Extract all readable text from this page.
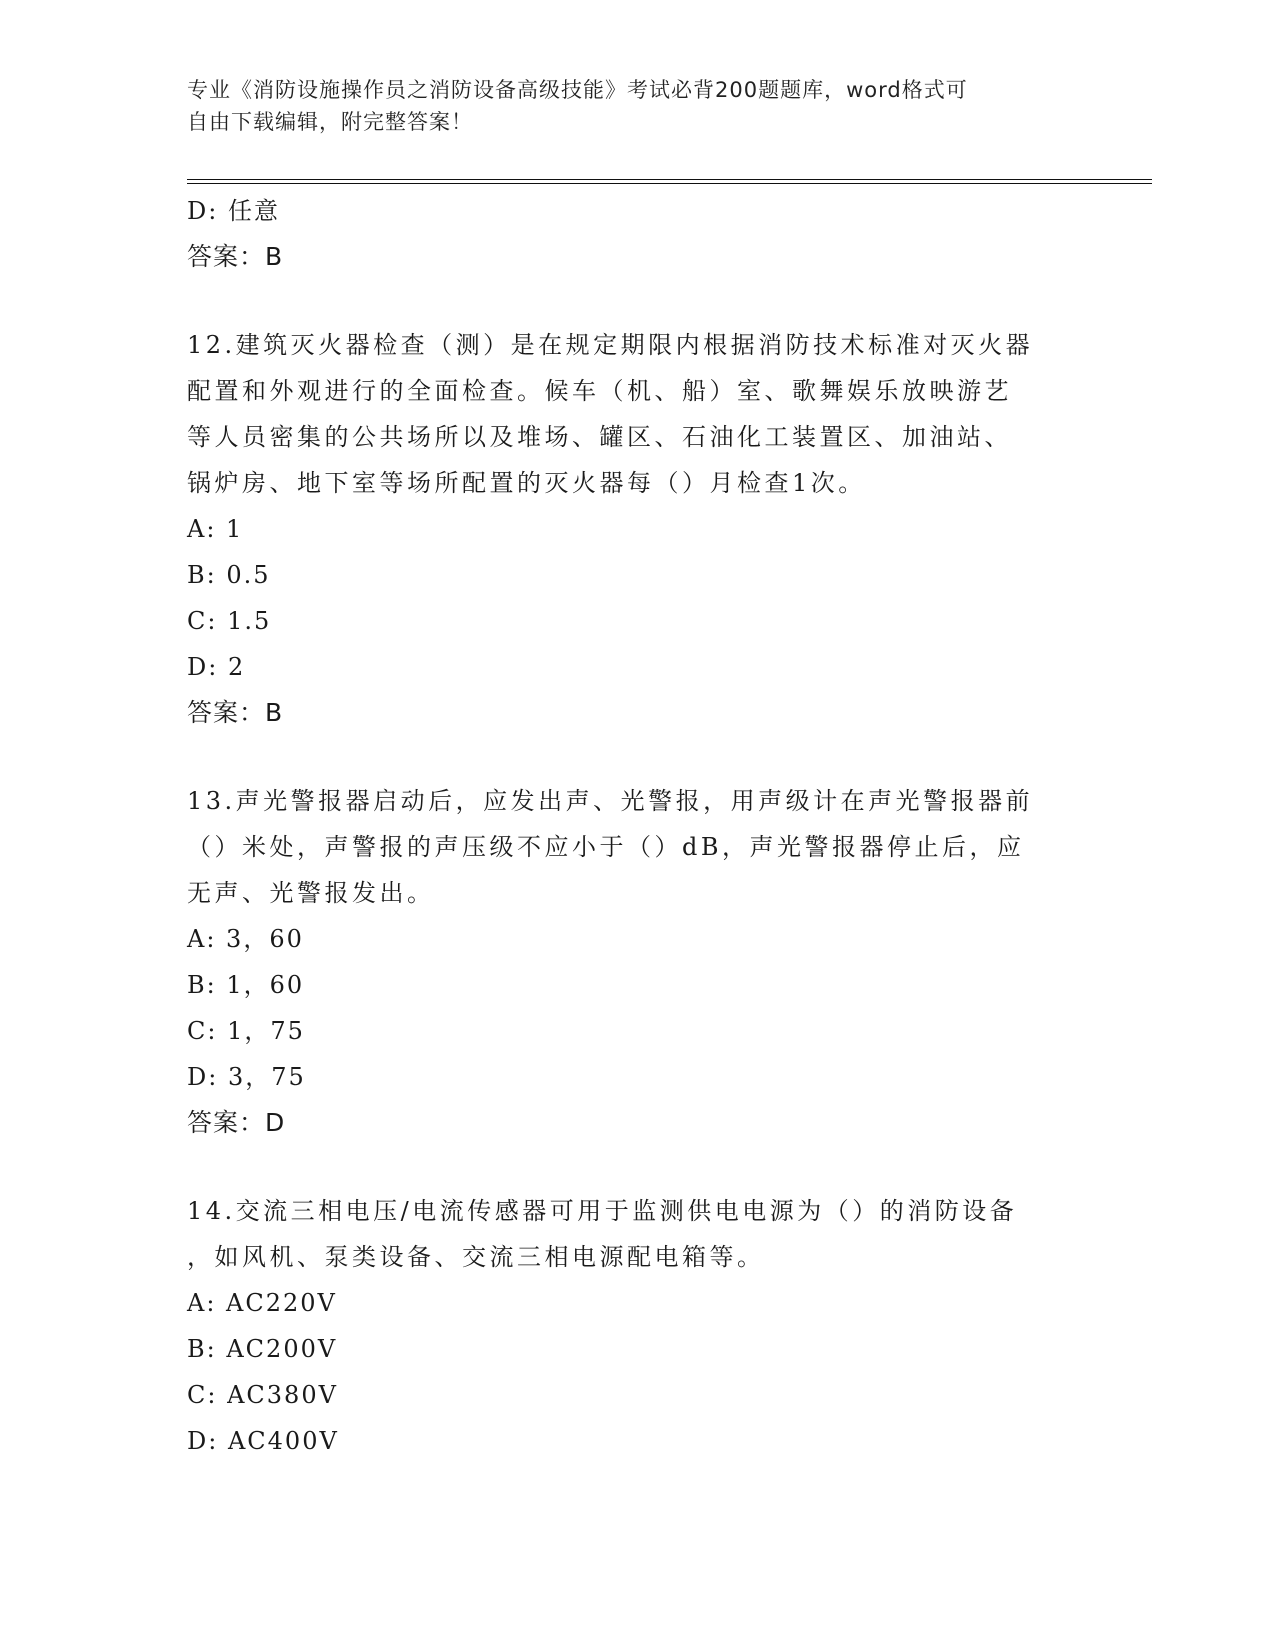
专业《消防设施操作员之消防设备高级技能》考试必背200题题库，word格式可
自由下载编辑，附完整答案！
D: 任意
答案：B
12.建筑灭火器检查（测）是在规定期限内根据消防技术标准对灭火器
配置和外观进行的全面检查。候车（机、船）室、歌舞娱乐放映游艺
等人员密集的公共场所以及堆场、罐区、石油化工装置区、加油站、
锅炉房、地下室等场所配置的灭火器每（）月检查1次。
A: 1
B: 0.5
C: 1.5
D: 2
答案：B
13.声光警报器启动后，应发出声、光警报，用声级计在声光警报器前
（）米处，声警报的声压级不应小于（）dB，声光警报器停止后，应
无声、光警报发出。
A: 3，60
B: 1，60
C: 1，75
D: 3，75
答案：D
14.交流三相电压/电流传感器可用于监测供电电源为（）的消防设备
，如风机、泵类设备、交流三相电源配电箱等。
A: AC220V
B: AC200V
C: AC380V
D: AC400V
